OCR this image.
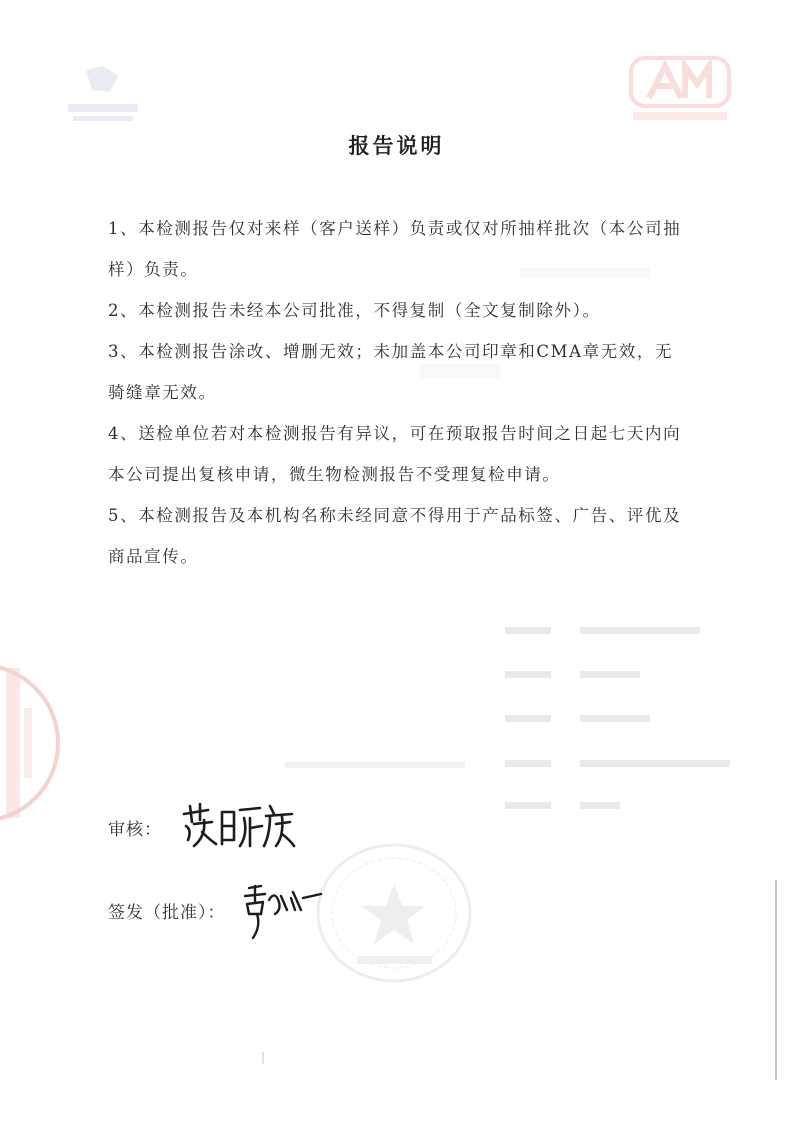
报告说明

1、本检测报告仅对来样（客户送样）负责或仅对所抽样批次（本公司抽样）负责。

2、本检测报告未经本公司批准，不得复制（全文复制除外）。

3、本检测报告涂改、增删无效；未加盖本公司印章和CMA章无效，无骑缝章无效。

4、送检单位若对本检测报告有异议，可在预取报告时间之日起七天内向本公司提出复核申请，微生物检测报告不受理复检申请。

5、本检测报告及本机构名称未经同意不得用于产品标签、广告、评优及商品宣传。

审核：
签发（批准）：
